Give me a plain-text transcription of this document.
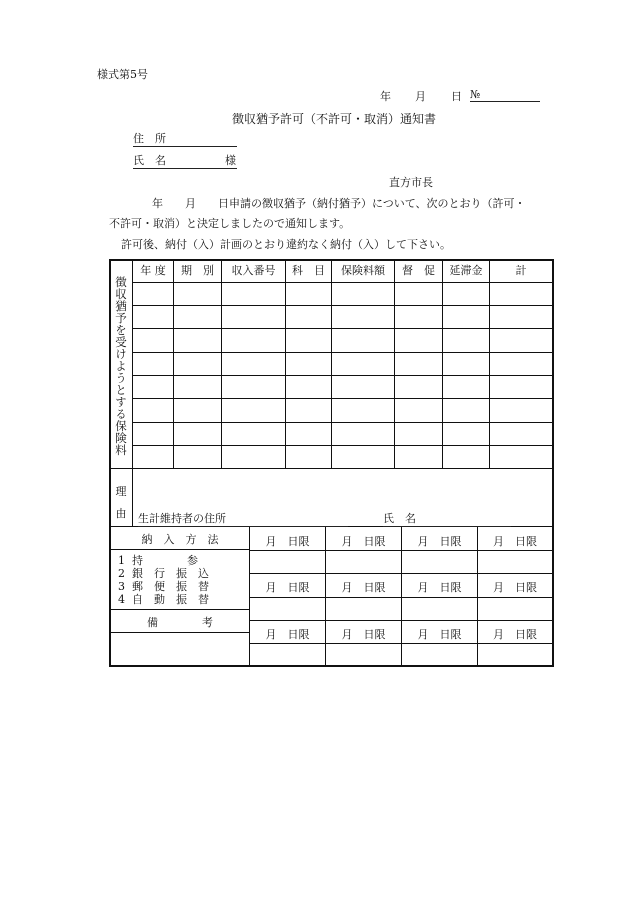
様式第5号
年 月 日 №
徴収猶予許可（不許可・取消）通知書
住　所
氏　名	様
直方市長
　　年　　月　　日申請の徴収猶予（納付猶予）について、次のとおり（許可・
不許可・取消）と決定しましたので通知します。
許可後、納付（入）計画のとおり違約なく納付（入）して下さい。
徴収猶予を受けようとする保険料
年 度	期　別	収入番号	科　目	保険料額	督　促	延滞金	計
理
由	生計維持者の住所	氏　名
納　入　方　法
1 持　　　　参
2 銀　行　振　込
3 郵　便　振　替
4 自　動　振　替
備　　　　考
月　日限	月　日限	月　日限	月　日限
月　日限	月　日限	月　日限	月　日限
月　日限	月　日限	月　日限	月　日限
